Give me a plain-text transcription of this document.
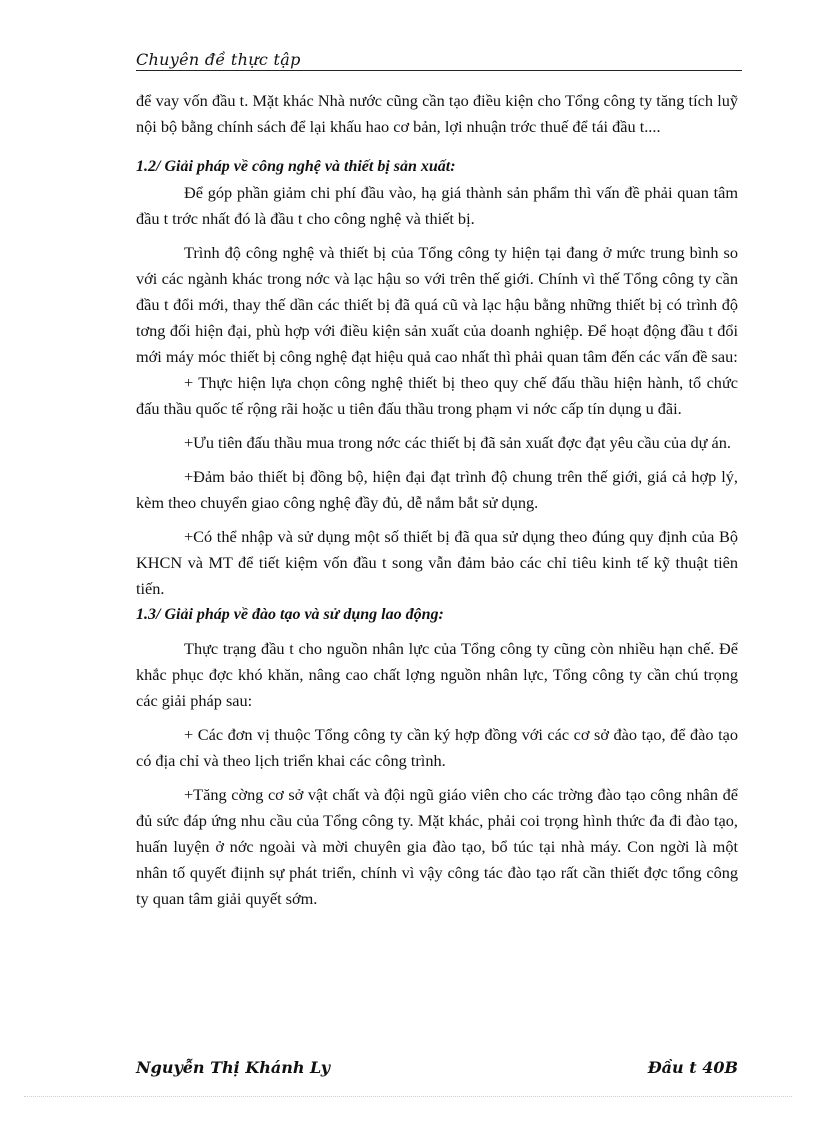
Chuyên đề thực tập

để vay vốn đầu t. Mặt khác Nhà nước cũng cần tạo điều kiện cho Tổng công ty tăng tích luỹ nội bộ bằng chính sách để lại khấu hao cơ bản, lợi nhuận trớc thuế để tái đầu t....

1.2/ Giải pháp về công nghệ và thiết bị sản xuất:

Để góp phần giảm chi phí đầu vào, hạ giá thành sản phẩm thì vấn đề phải quan tâm đầu t trớc nhất đó là đầu t cho công nghệ và thiết bị.

Trình độ công nghệ và thiết bị của Tổng công ty hiện tại đang ở mức trung bình so với các ngành khác trong nớc và lạc hậu so với trên thế giới. Chính vì thế Tổng công ty cần đầu t đổi mới, thay thế dần các thiết bị đã quá cũ và lạc hậu bằng những thiết bị có trình độ tơng đối hiện đại, phù hợp với điều kiện sản xuất của doanh nghiệp. Để hoạt động đầu t đổi mới máy móc thiết bị công nghệ đạt hiệu quả cao nhất thì phải quan tâm đến các vấn đề sau:

+ Thực hiện lựa chọn công nghệ thiết bị theo quy chế đấu thầu hiện hành, tổ chức đấu thầu quốc tế rộng rãi hoặc u tiên đấu thầu trong phạm vi nớc cấp tín dụng u đãi.

+Ưu tiên đấu thầu mua trong nớc các thiết bị đã sản xuất đợc đạt yêu cầu của dự án.

+Đảm bảo thiết bị đồng bộ, hiện đại đạt trình độ chung trên thế giới, giá cả hợp lý, kèm theo chuyển giao công nghệ đầy đủ, dễ nắm bắt sử dụng.

+Có thể nhập và sử dụng một số thiết bị đã qua sử dụng theo đúng quy định của Bộ KHCN và MT để tiết kiệm vốn đầu t song vẫn đảm bảo các chỉ tiêu kinh tế kỹ thuật tiên tiến.

1.3/ Giải pháp về đào tạo và sử dụng lao động:

Thực trạng đầu t cho nguồn nhân lực của Tổng công ty cũng còn nhiều hạn chế. Để khắc phục đợc khó khăn, nâng cao chất lợng nguồn nhân lực, Tổng công ty cần chú trọng các giải pháp sau:

+ Các đơn vị thuộc Tổng công ty cần ký hợp đồng với các cơ sở đào tạo, để đào tạo có địa chỉ và theo lịch triển khai các công trình.

+Tăng cờng cơ sở vật chất và đội ngũ giáo viên cho các trờng đào tạo công nhân để đủ sức đáp ứng nhu cầu của Tổng công ty. Mặt khác, phải coi trọng hình thức đa đi đào tạo, huấn luyện ở nớc ngoài và mời chuyên gia đào tạo, bổ túc tại nhà máy. Con ngời là một nhân tố quyết điịnh sự phát triển, chính vì vậy công tác đào tạo rất cần thiết đợc tổng công ty quan tâm giải quyết sớm.

Nguyễn Thị Khánh Ly	Đầu t 40B
